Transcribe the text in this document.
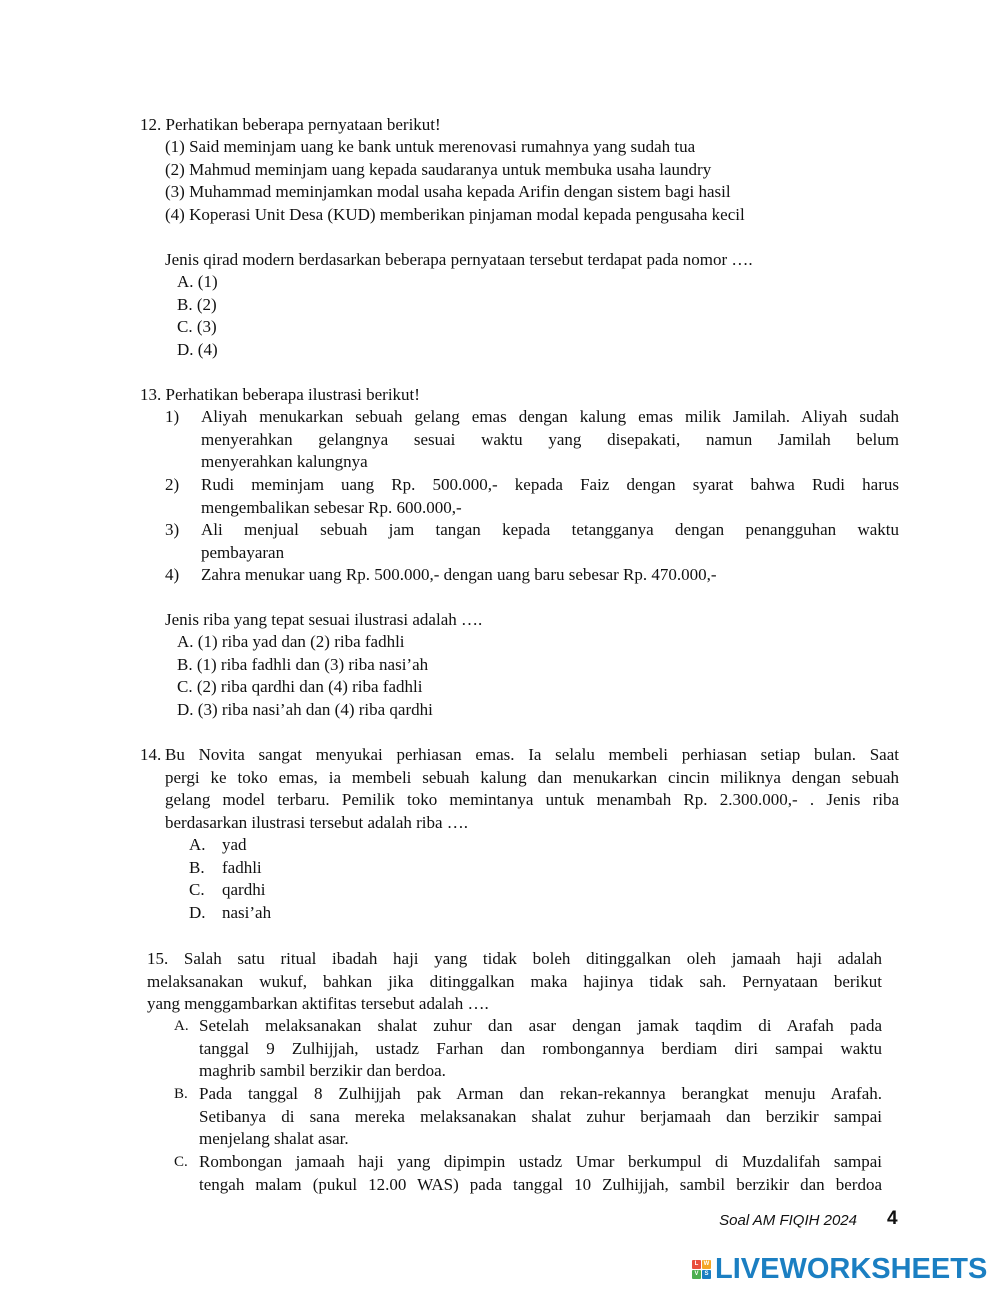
12. Perhatikan beberapa pernyataan berikut!
(1) Said meminjam uang ke bank untuk merenovasi rumahnya yang sudah tua
(2) Mahmud meminjam uang kepada saudaranya untuk membuka usaha laundry
(3) Muhammad meminjamkan modal usaha kepada Arifin dengan sistem bagi hasil
(4) Koperasi Unit Desa (KUD) memberikan pinjaman modal kepada pengusaha kecil
Jenis qirad modern berdasarkan beberapa pernyataan tersebut terdapat pada nomor ….
A. (1)
B. (2)
C. (3)
D. (4)
13. Perhatikan beberapa ilustrasi berikut!
1) Aliyah menukarkan sebuah gelang emas dengan kalung emas milik Jamilah. Aliyah sudah
menyerahkan gelangnya sesuai waktu yang disepakati, namun Jamilah belum
menyerahkan kalungnya
2) Rudi meminjam uang Rp. 500.000,- kepada Faiz dengan syarat bahwa Rudi harus
mengembalikan sebesar Rp. 600.000,-
3) Ali menjual sebuah jam tangan kepada tetangganya dengan penangguhan waktu
pembayaran
4) Zahra menukar uang Rp. 500.000,- dengan uang baru sebesar Rp. 470.000,-
Jenis riba yang tepat sesuai ilustrasi adalah ….
A. (1) riba yad dan (2) riba fadhli
B. (1) riba fadhli dan (3) riba nasi’ah
C. (2) riba qardhi dan (4) riba fadhli
D. (3) riba nasi’ah dan (4) riba qardhi
14. Bu Novita sangat menyukai perhiasan emas. Ia selalu membeli perhiasan setiap bulan. Saat
pergi ke toko emas, ia membeli sebuah kalung dan menukarkan cincin miliknya dengan sebuah
gelang model terbaru. Pemilik toko memintanya untuk menambah Rp. 2.300.000,- . Jenis riba
berdasarkan ilustrasi tersebut adalah riba ….
A. yad
B. fadhli
C. qardhi
D. nasi’ah
15. Salah satu ritual ibadah haji yang tidak boleh ditinggalkan oleh jamaah haji adalah
melaksanakan wukuf, bahkan jika ditinggalkan maka hajinya tidak sah. Pernyataan berikut
yang menggambarkan aktifitas tersebut adalah ….
A. Setelah melaksanakan shalat zuhur dan asar dengan jamak taqdim di Arafah pada
tanggal 9 Zulhijjah, ustadz Farhan dan rombongannya berdiam diri sampai waktu
maghrib sambil berzikir dan berdoa.
B. Pada tanggal 8 Zulhijjah pak Arman dan rekan-rekannya berangkat menuju Arafah.
Setibanya di sana mereka melaksanakan shalat zuhur berjamaah dan berzikir sampai
menjelang shalat asar.
C. Rombongan jamaah haji yang dipimpin ustadz Umar berkumpul di Muzdalifah sampai
tengah malam (pukul 12.00 WAS) pada tanggal 10 Zulhijjah, sambil berzikir dan berdoa
Soal AM FIQIH 2024 4
L W
V S LIVEWORKSHEETS
